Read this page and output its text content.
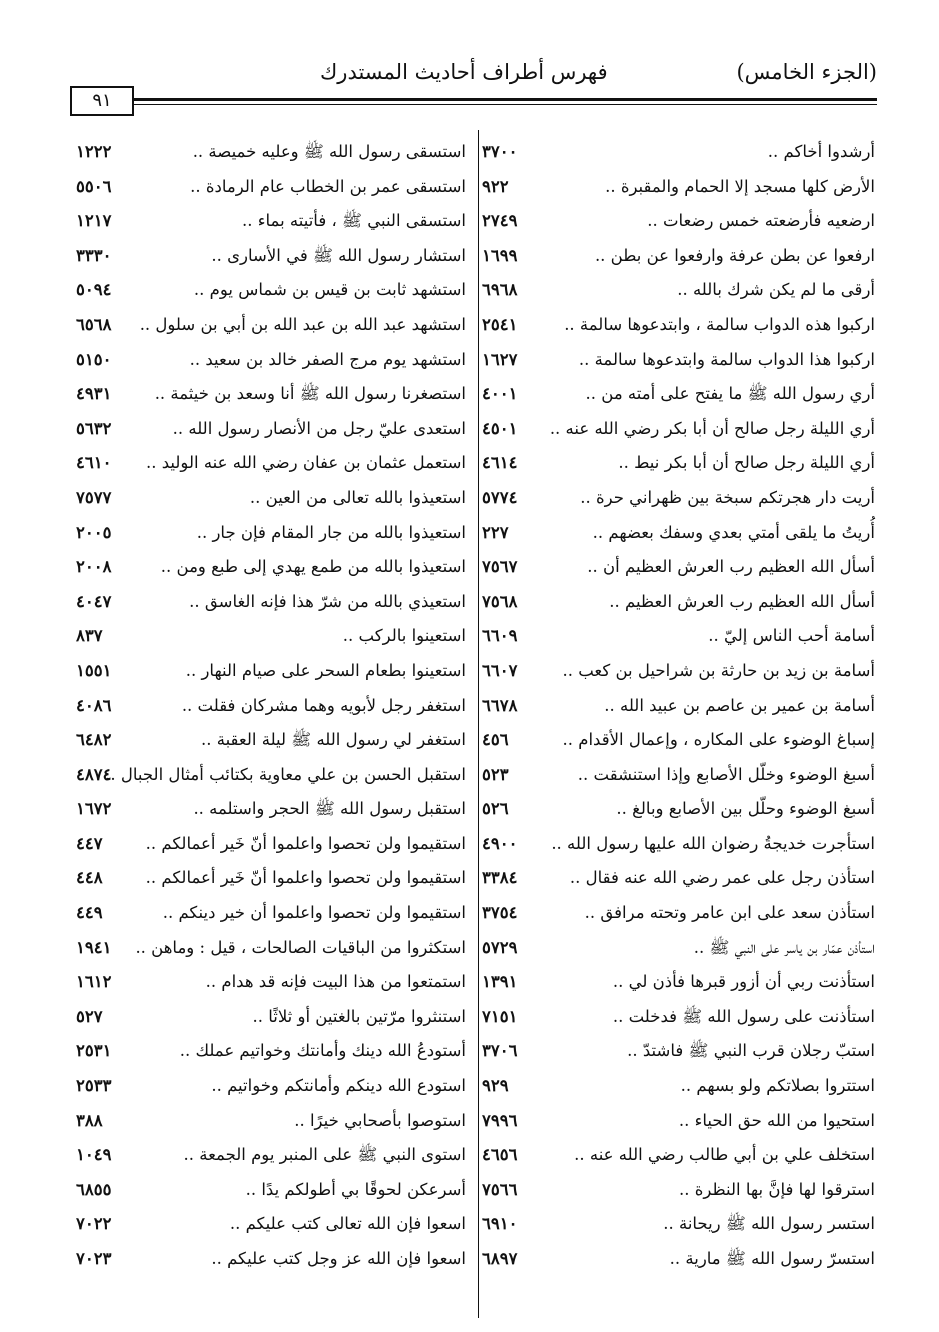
(الجزء الخامس)
فهرس أطراف أحاديث المستدرك
٩١
أرشدوا أخاكم ..
٣٧٠٠
الأرض كلها مسجد إلا الحمام والمقبرة ..
٩٢٢
ارضعيه فأرضعته خمس رضعات ..
٢٧٤٩
ارفعوا عن بطن عرفة وارفعوا عن بطن ..
١٦٩٩
أرقى ما لم يكن شرك بالله ..
٦٩٦٨
اركبوا هذه الدواب سالمة ، وابتدعوها سالمة ..
٢٥٤١
اركبوا هذا الدواب سالمة وابتدعوها سالمة ..
١٦٢٧
أري رسول الله ﷺ ما يفتح على أمته من ..
٤٠٠١
أري الليلة رجل صالح أن أبا بكر رضي الله عنه ..
٤٥٠١
أري الليلة رجل صالح أن أبا بكر نيط ..
٤٦١٤
أريت دار هجرتكم سبخة بين ظهراني حرة ..
٥٧٧٤
أُريتُ ما يلقى أمتي بعدي وسفك بعضهم ..
٢٢٧
أسأل الله العظيم رب العرش العظيم أن ..
٧٥٦٧
أسأل الله العظيم رب العرش العظيم ..
٧٥٦٨
أسامة أحب الناس إليّ ..
٦٦٠٩
أسامة بن زيد بن حارثة بن شراحيل بن كعب ..
٦٦٠٧
أسامة بن عمير بن عاصم بن عبيد الله ..
٦٦٧٨
إسباغ الوضوء على المكاره ، وإعمال الأقدام ..
٤٥٦
أسبغ الوضوء وخلّل الأصابع وإذا استنشقت ..
٥٢٣
أسبغ الوضوء وحلّل بين الأصابع وبالغ ..
٥٢٦
استأجرت خديجةُ رضوان الله عليها رسول الله ..
٤٩٠٠
استأذن رجل على عمر رضي الله عنه فقال ..
٣٣٨٤
استأذن سعد على ابن عامر وتحته مرافق ..
٣٧٥٤
استأذن عمّار بن ياسر على النبي ﷺ ..
٥٧٢٩
استأذنت ربي أن أزور قبرها فأذن لي ..
١٣٩١
استأذنت على رسول الله ﷺ فدخلت ..
٧١٥١
استبّ رجلان قرب النبي ﷺ فاشتدّ ..
٣٧٠٦
استتروا بصلاتكم ولو بسهم ..
٩٢٩
استحيوا من الله حق الحياء ..
٧٩٩٦
استخلف علي بن أبي طالب رضي الله عنه ..
٤٦٥٦
استرقوا لها فإنَّ بها النظرة ..
٧٥٦٦
استسر رسول الله ﷺ ريحانة ..
٦٩١٠
استسرّ رسول الله ﷺ مارية ..
٦٨٩٧
استسقى رسول الله ﷺ وعليه خميصة ..
١٢٢٢
استسقى عمر بن الخطاب عام الرمادة ..
٥٥٠٦
استسقى النبي ﷺ ، فأتيته بماء ..
١٢١٧
استشار رسول الله ﷺ في الأسارى ..
٣٣٣٠
استشهد ثابت بن قيس بن شماس يوم ..
٥٠٩٤
استشهد عبد الله بن عبد الله بن أبي بن سلول ..
٦٥٦٨
استشهد يوم مرج الصفر خالد بن سعيد ..
٥١٥٠
استصغرنا رسول الله ﷺ أنا وسعد بن خيثمة ..
٤٩٣١
استعدى عليّ رجل من الأنصار رسول الله ..
٥٦٣٢
استعمل عثمان بن عفان رضي الله عنه الوليد ..
٤٦١٠
استعيذوا بالله تعالى من العين ..
٧٥٧٧
استعيذوا بالله من جار المقام فإن جار ..
٢٠٠٥
استعيذوا بالله من طمع يهدي إلى طبع ومن ..
٢٠٠٨
استعيذي بالله من شرّ هذا فإنه الغاسق ..
٤٠٤٧
استعينوا بالركب ..
٨٣٧
استعينوا بطعام السحر على صيام النهار ..
١٥٥١
استغفر رجل لأبويه وهما مشركان فقلت ..
٤٠٨٦
استغفر لي رسول الله ﷺ ليلة العقبة ..
٦٤٨٢
استقبل الحسن بن علي معاوية بكتائب أمثال الجبال ..
٤٨٧٤
استقبل رسول الله ﷺ الحجر واستلمه ..
١٦٧٢
استقيموا ولن تحصوا واعلموا أنّ خَير أعمالكم ..
٤٤٧
استقيموا ولن تحصوا واعلموا أنّ خَير أعمالكم ..
٤٤٨
استقيموا ولن تحصوا واعلموا أن خير دينكم ..
٤٤٩
استكثروا من الباقيات الصالحات ، قيل : وماهن ..
١٩٤١
استمتعوا من هذا البيت فإنه قد هدام ..
١٦١٢
استنثروا مرّتين بالغتين أو ثلاثًا ..
٥٢٧
أستودعُ الله دينك وأمانتك وخواتيم عملك ..
٢٥٣١
استودع الله دينكم وأمانتكم وخواتيم ..
٢٥٣٣
استوصوا بأصحابي خيرًا ..
٣٨٨
استوى النبي ﷺ على المنبر يوم الجمعة ..
١٠٤٩
أسرعكن لحوقًا بي أطولكم يدًا ..
٦٨٥٥
اسعوا فإن الله تعالى كتب عليكم ..
٧٠٢٢
اسعوا فإن الله عز وجل كتب عليكم ..
٧٠٢٣
